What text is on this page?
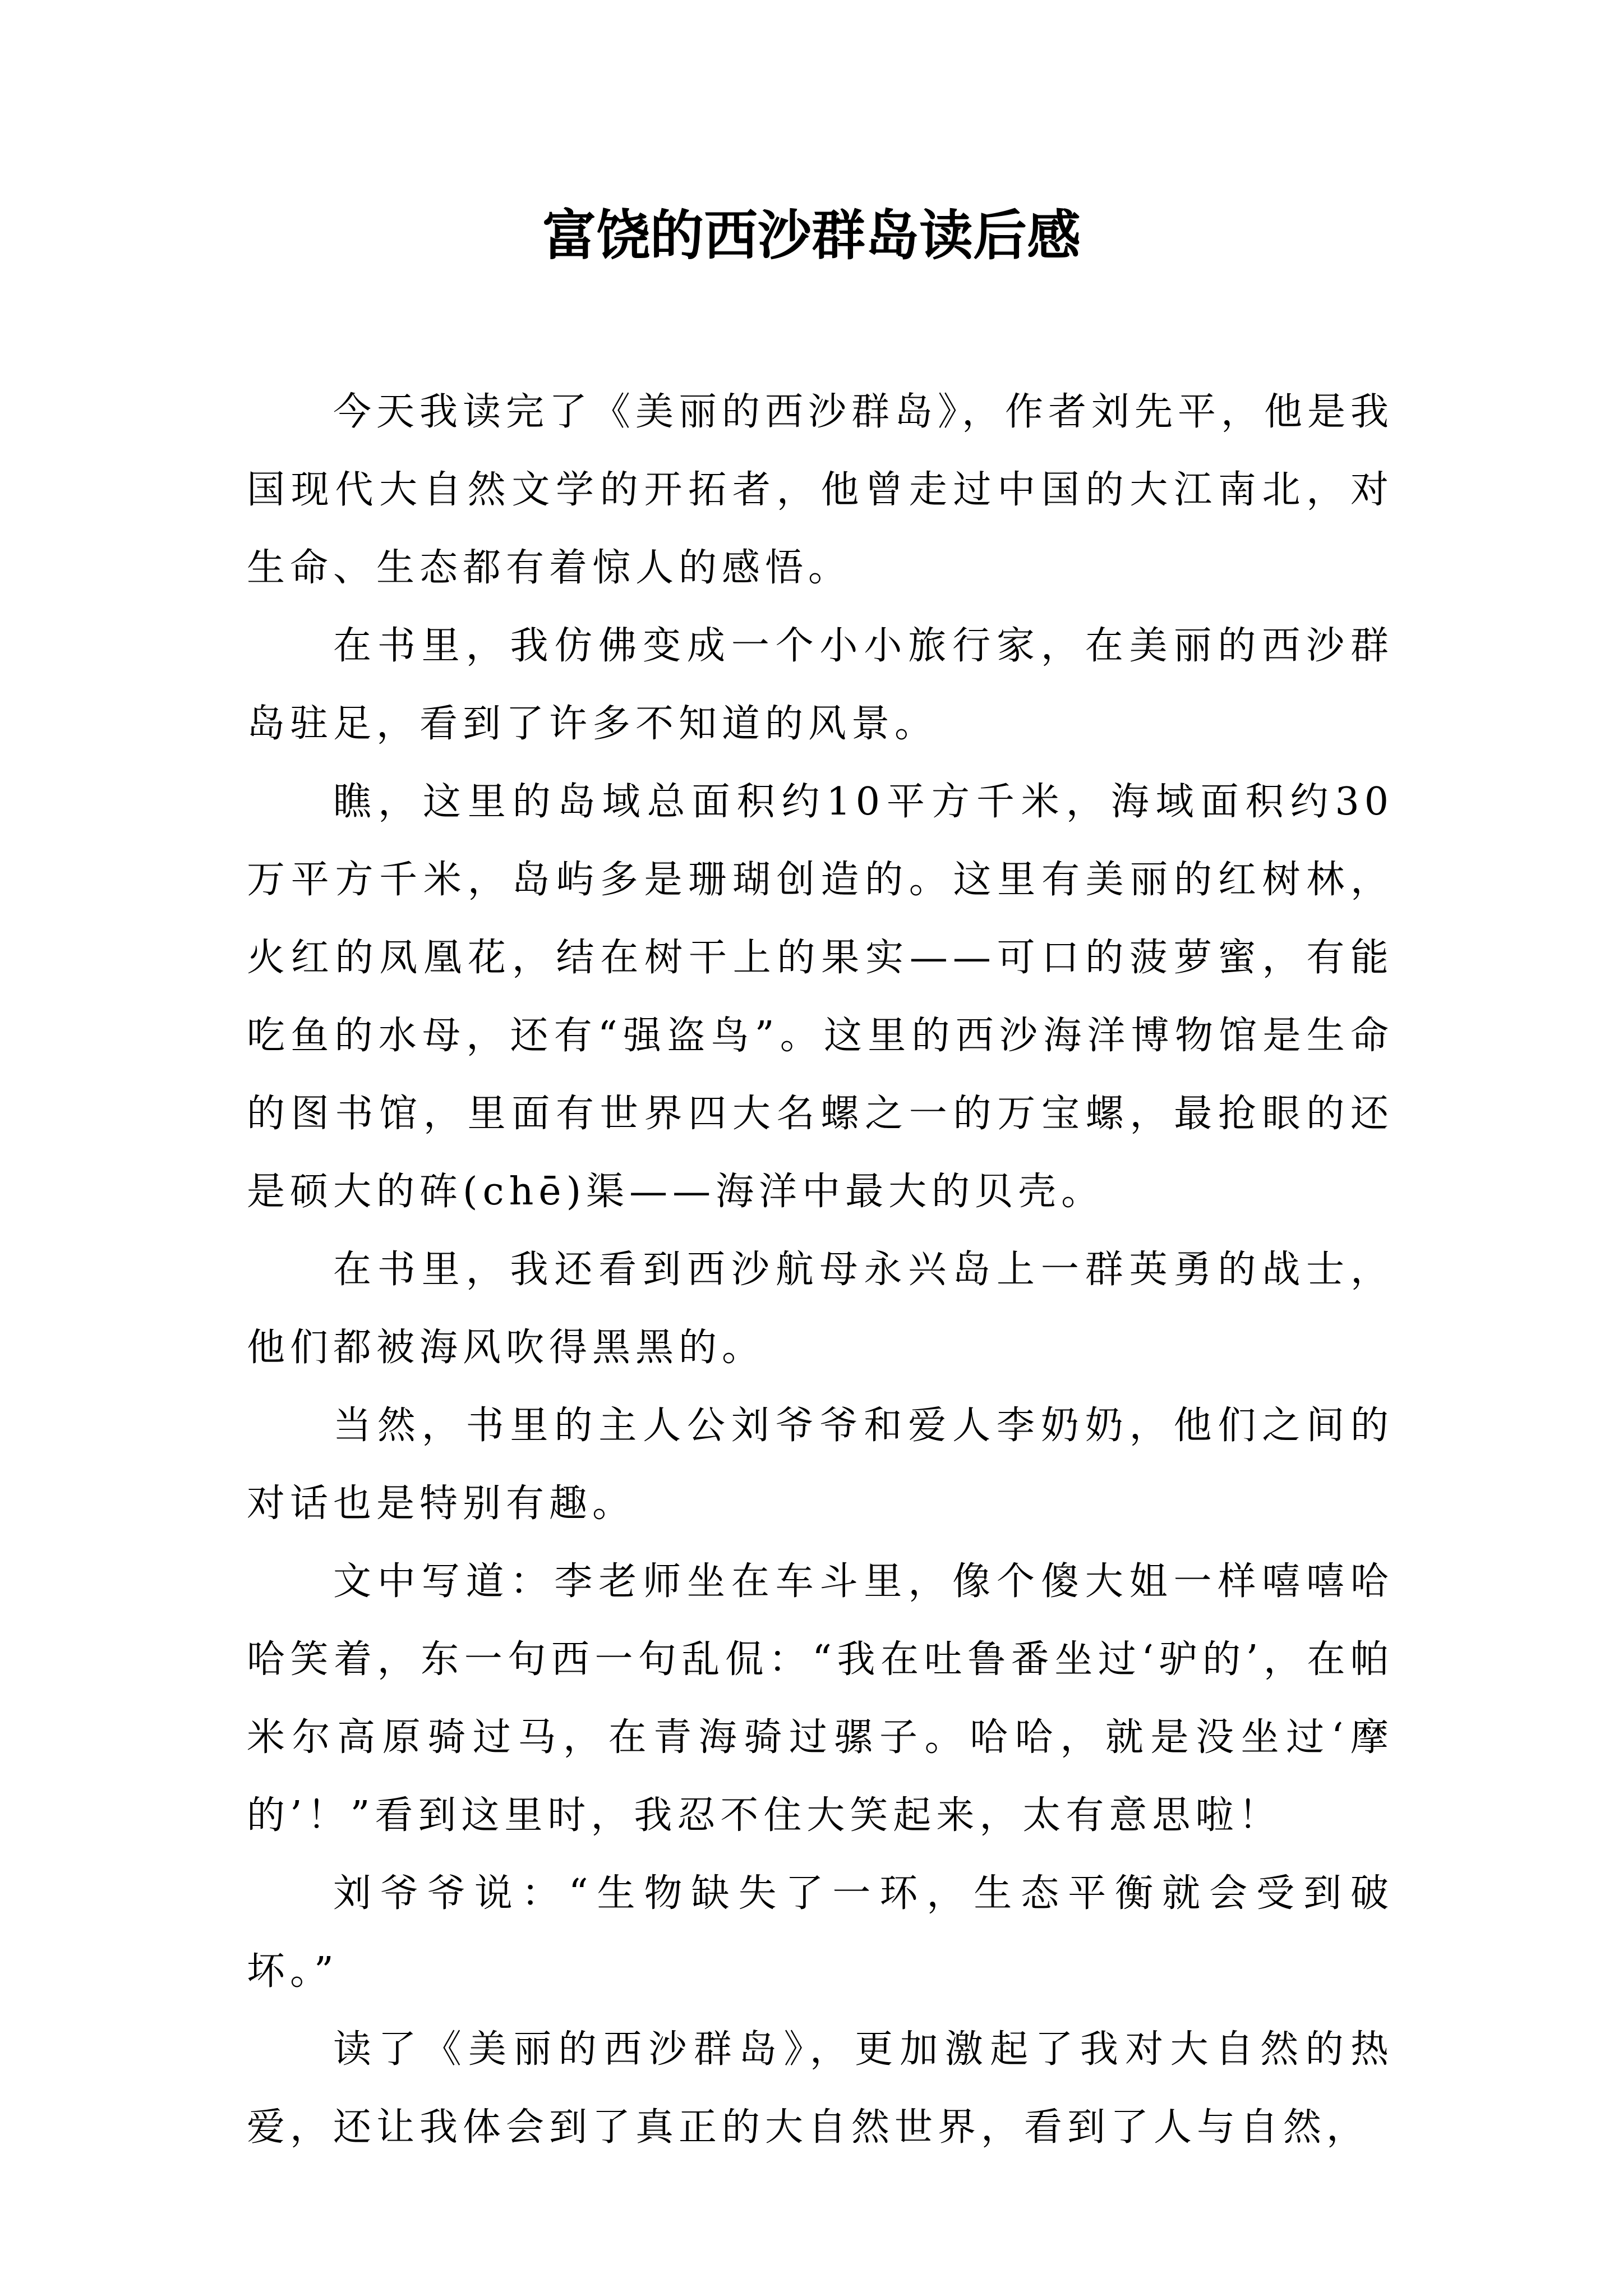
富饶的西沙群岛读后感

今天我读完了《美丽的西沙群岛》，作者刘先平，他是我国现代大自然文学的开拓者，他曾走过中国的大江南北，对生命、生态都有着惊人的感悟。

在书里，我仿佛变成一个小小旅行家，在美丽的西沙群岛驻足，看到了许多不知道的风景。

瞧，这里的岛域总面积约10平方千米，海域面积约30万平方千米，岛屿多是珊瑚创造的。这里有美丽的红树林，火红的凤凰花，结在树干上的果实——可口的菠萝蜜，有能吃鱼的水母，还有“强盗鸟”。这里的西沙海洋博物馆是生命的图书馆，里面有世界四大名螺之一的万宝螺，最抢眼的还是硕大的砗(chē)渠——海洋中最大的贝壳。

在书里，我还看到西沙航母永兴岛上一群英勇的战士，他们都被海风吹得黑黑的。

当然，书里的主人公刘爷爷和爱人李奶奶，他们之间的对话也是特别有趣。

文中写道：李老师坐在车斗里，像个傻大姐一样嘻嘻哈哈笑着，东一句西一句乱侃：“我在吐鲁番坐过‘驴的’，在帕米尔高原骑过马，在青海骑过骡子。哈哈，就是没坐过‘摩的’！”看到这里时，我忍不住大笑起来，太有意思啦！

刘爷爷说：“生物缺失了一环，生态平衡就会受到破坏。”

读了《美丽的西沙群岛》，更加激起了我对大自然的热爱，还让我体会到了真正的大自然世界，看到了人与自然，
